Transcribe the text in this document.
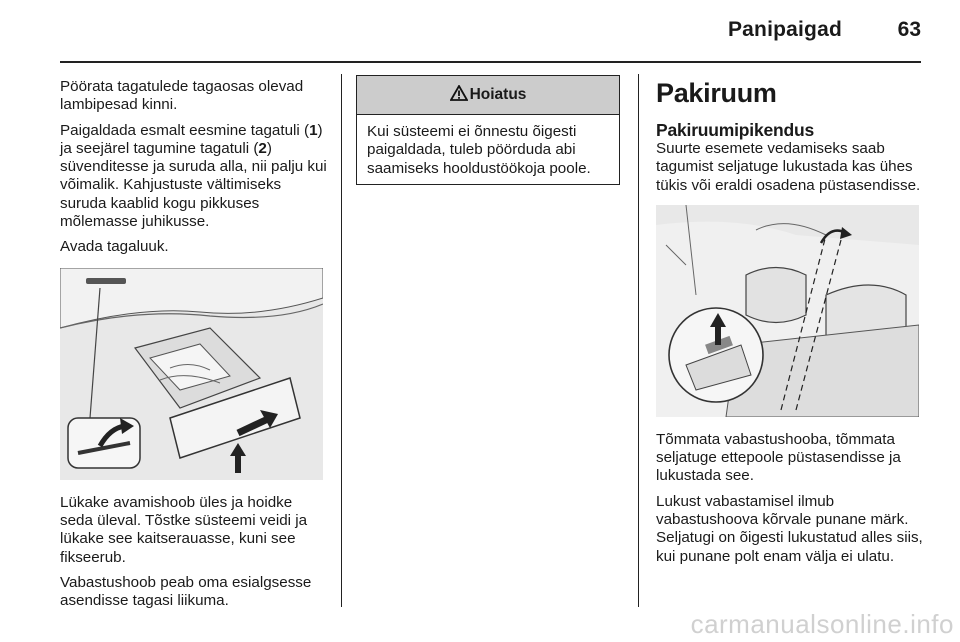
Panipaigad	63

Pöörata tagatulede tagaosas olevad lambipesad kinni.

Paigaldada esmalt eesmine tagatuli (1) ja seejärel tagumine tagatuli (2) süvenditesse ja suruda alla, nii palju kui võimalik. Kahjustuste vältimiseks suruda kaablid kogu pikkuses mõlemasse juhikusse.

Avada tagaluuk.

Lükake avamishoob üles ja hoidke seda üleval. Tõstke süsteemi veidi ja lükake see kaitserauasse, kuni see fikseerub.

Vabastushoob peab oma esialgsesse asendisse tagasi liikuma.

Hoiatus
Kui süsteemi ei õnnestu õigesti paigaldada, tuleb pöörduda abi saamiseks hooldustöökoja poole.
Pakiruum
Pakiruumipikendus

Suurte esemete vedamiseks saab tagumist seljatuge lukustada kas ühes tükis või eraldi osadena püstasendisse.

Tõmmata vabastushooba, tõmmata seljatuge ettepoole püstasendisse ja lukustada see.

Lukust vabastamisel ilmub vabastushoova kõrvale punane märk. Seljatugi on õigesti lukustatud alles siis, kui punane polt enam välja ei ulatu.

carmanualsonline.info
